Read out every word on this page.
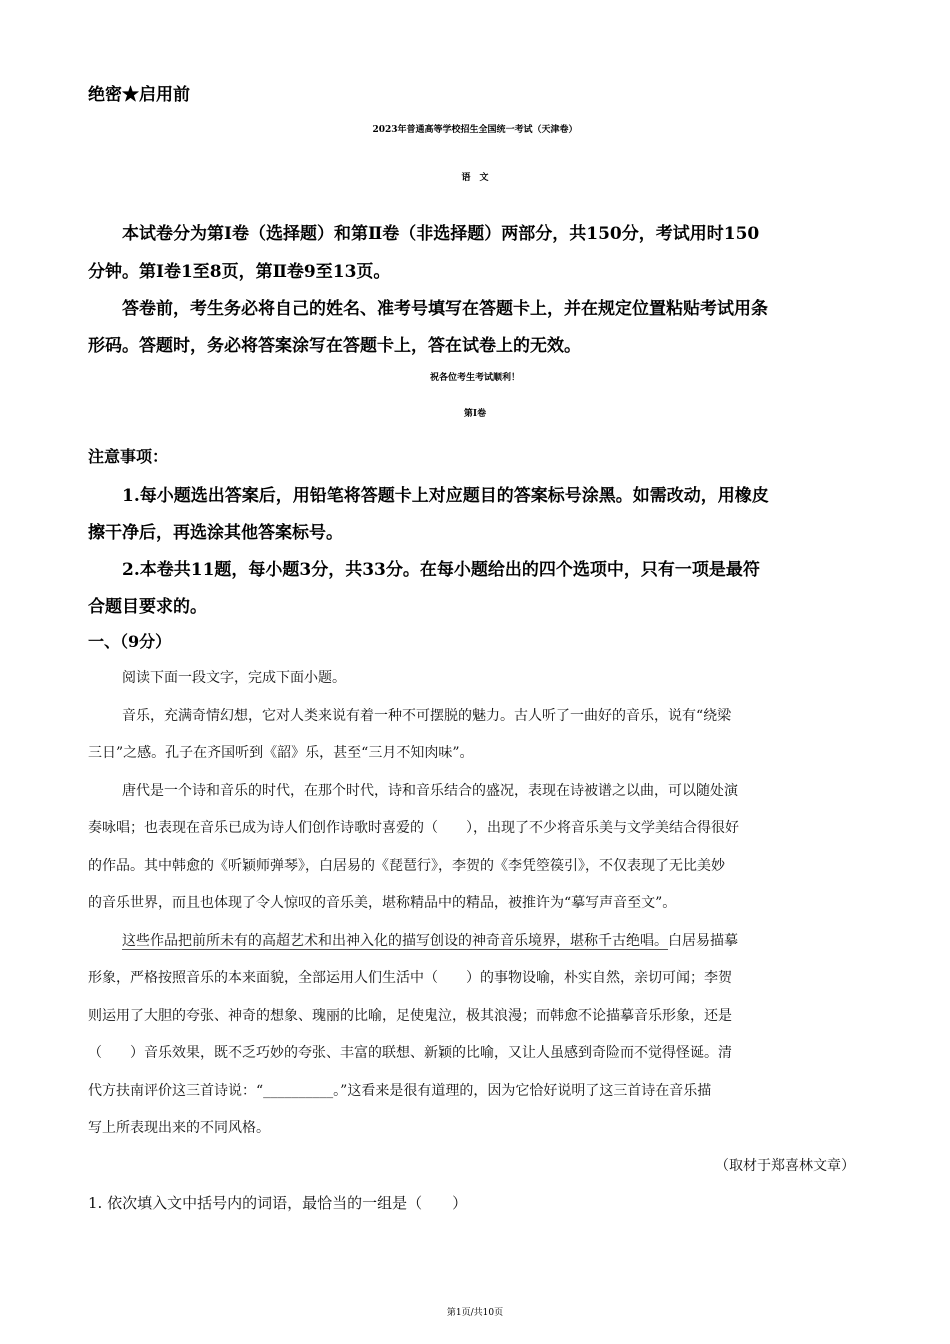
绝密★启用前
2023年普通高等学校招生全国统一考试（天津卷）
语　文
本试卷分为第Ⅰ卷（选择题）和第Ⅱ卷（非选择题）两部分，共150分，考试用时150
分钟。第Ⅰ卷1至8页，第Ⅱ卷9至13页。
答卷前，考生务必将自己的姓名、准考号填写在答题卡上，并在规定位置粘贴考试用条
形码。答题时，务必将答案涂写在答题卡上，答在试卷上的无效。
祝各位考生考试顺利！
第Ⅰ卷
注意事项：
1.每小题选出答案后，用铅笔将答题卡上对应题目的答案标号涂黑。如需改动，用橡皮
擦干净后，再选涂其他答案标号。
2.本卷共11题，每小题3分，共33分。在每小题给出的四个选项中，只有一项是最符
合题目要求的。
一、（9分）
阅读下面一段文字，完成下面小题。
音乐，充满奇情幻想，它对人类来说有着一种不可摆脱的魅力。古人听了一曲好的音乐，说有“绕梁
三日”之感。孔子在齐国听到《韶》乐，甚至“三月不知肉味”。
唐代是一个诗和音乐的时代，在那个时代，诗和音乐结合的盛况，表现在诗被谱之以曲，可以随处演
奏咏唱；也表现在音乐已成为诗人们创作诗歌时喜爱的（　　），出现了不少将音乐美与文学美结合得很好
的作品。其中韩愈的《听颖师弹琴》，白居易的《琵琶行》，李贺的《李凭箜篌引》，不仅表现了无比美妙
的音乐世界，而且也体现了令人惊叹的音乐美，堪称精品中的精品，被推许为“摹写声音至文”。
这些作品把前所未有的高超艺术和出神入化的描写创设的神奇音乐境界，堪称千古绝唱。白居易描摹
形象，严格按照音乐的本来面貌，全部运用人们生活中（　　）的事物设喻，朴实自然，亲切可闻；李贺
则运用了大胆的夸张、神奇的想象、瑰丽的比喻，足使鬼泣，极其浪漫；而韩愈不论描摹音乐形象，还是
（　　）音乐效果，既不乏巧妙的夸张、丰富的联想、新颖的比喻，又让人虽感到奇险而不觉得怪诞。清
代方扶南评价这三首诗说：“__________。”这看来是很有道理的，因为它恰好说明了这三首诗在音乐描
写上所表现出来的不同风格。
（取材于郑喜林文章）
1. 依次填入文中括号内的词语，最恰当的一组是（　　）
第1页/共10页
